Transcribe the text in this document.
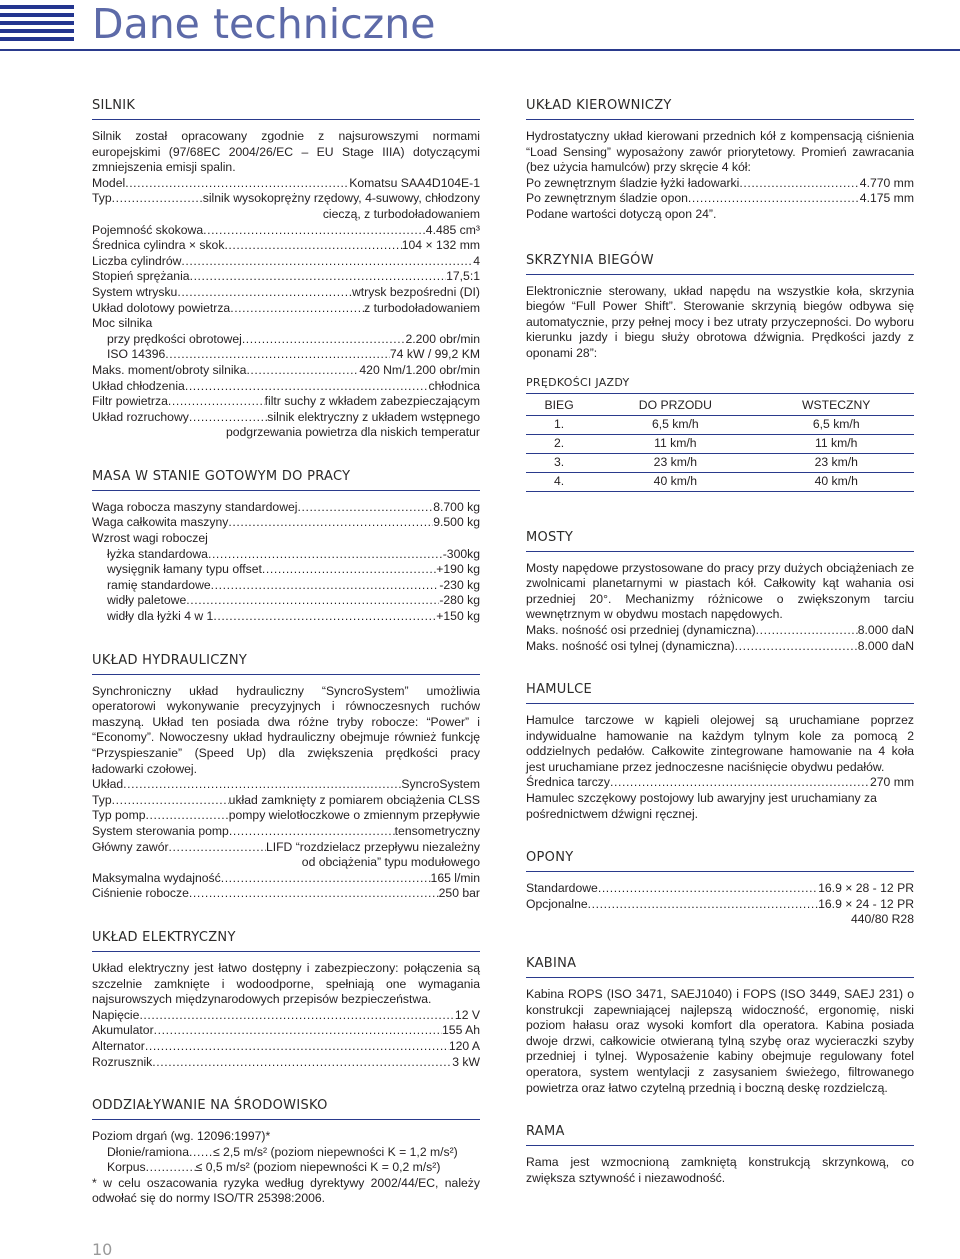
Dane techniczne
SILNIK
Silnik został opracowany zgodnie z najsurowszymi normami europejskimi (97/68EC 2004/26/EC – EU Stage IIIA) dotyczącymi zmniejszenia emisji spalin.
Model .....	Komatsu SAA4D104E-1
Typ .....	silnik wysokoprężny rzędowy, 4-suwowy, chłodzony
cieczą, z turbodoładowaniem
Pojemność skokowa .....	4.485 cm³
Średnica cylindra × skok .....	104 × 132 mm
Liczba cylindrów .....	4
Stopień sprężania .....	17,5:1
System wtrysku .....	wtrysk bezpośredni (DI)
Układ dolotowy powietrza .....	z turbodoładowaniem
Moc silnika
przy prędkości obrotowej .....	2.200 obr/min
ISO 14396 .....	74 kW / 99,2 KM
Maks. moment/obroty silnika .....	420 Nm/1.200 obr/min
Układ chłodzenia .....	chłodnica
Filtr powietrza .....	filtr suchy z wkładem zabezpieczającym
Układ rozruchowy .....	silnik elektryczny z układem wstępnego
podgrzewania powietrza dla niskich temperatur
MASA W STANIE GOTOWYM DO PRACY
Waga robocza maszyny standardowej .....	8.700 kg
Waga całkowita maszyny .....	9.500 kg
Wzrost wagi roboczej
łyżka standardowa .....	-300kg
wysięgnik łamany typu offset .....	+190 kg
ramię standardowe .....	-230 kg
widły paletowe .....	-280 kg
widły dla łyżki 4 w 1 .....	+150 kg
UKŁAD HYDRAULICZNY
Synchroniczny układ hydrauliczny “SyncroSystem” umożliwia operatorowi wykonywanie precyzyjnych i równoczesnych ruchów maszyną. Układ ten posiada dwa różne tryby robocze: “Power” i “Economy”. Nowoczesny układ hydrauliczny obejmuje również funkcję “Przyspieszanie” (Speed Up) dla zwiększenia prędkości pracy ładowarki czołowej.
Układ .....	SyncroSystem
Typ .....	układ zamknięty z pomiarem obciążenia CLSS
Typ pomp .....	pompy wielotłoczkowe o zmiennym przepływie
System sterowania pomp .....	tensometryczny
Główny zawór .....	LIFD “rozdzielacz przepływu niezależny
od obciążenia” typu modułowego
Maksymalna wydajność .....	165 l/min
Ciśnienie robocze .....	250 bar
UKŁAD ELEKTRYCZNY
Układ elektryczny jest łatwo dostępny i zabezpieczony: połączenia są szczelnie zamknięte i wodoodporne, spełniają one wymagania najsurowszych międzynarodowych przepisów bezpieczeństwa.
Napięcie .....	12 V
Akumulator .....	155 Ah
Alternator .....	120 A
Rozrusznik .....	3 kW
ODDZIAŁYWANIE NA ŚRODOWISKO
Poziom drgań (wg. 12096:1997)*
Dłonie/ramiona ..... ≤ 2,5 m/s² (poziom niepewności K = 1,2 m/s²)
Korpus .....	≤ 0,5 m/s² (poziom niepewności K = 0,2 m/s²)
* w celu oszacowania ryzyka według dyrektywy 2002/44/EC, należy odwołać się do normy ISO/TR 25398:2006.
UKŁAD KIEROWNICZY
Hydrostatyczny układ kierowani przednich kół z kompensacją ciśnienia “Load Sensing” wyposażony zawór priorytetowy. Promień zawracania (bez użycia hamulców) przy skręcie 4 kół:
Po zewnętrznym śladzie łyżki ładowarki .....	4.770 mm
Po zewnętrznym śladzie opon .....	4.175 mm
Podane wartości dotyczą opon 24”.
SKRZYNIA BIEGÓW
Elektronicznie sterowany, układ napędu na wszystkie koła, skrzynia biegów “Full Power Shift”. Sterowanie skrzynią biegów odbywa się automatycznie, przy pełnej mocy i bez utraty przyczepności. Do wyboru kierunku jazdy i biegu służy obrotowa dźwignia. Prędkości jazdy z oponami 28”:
PRĘDKOŚCI JAZDY
BIEG	DO PRZODU	WSTECZNY
1.	6,5 km/h	6,5 km/h
2.	11 km/h	11 km/h
3.	23 km/h	23 km/h
4.	40 km/h	40 km/h
MOSTY
Mosty napędowe przystosowane do pracy przy dużych obciążeniach ze zwolnicami planetarnymi w piastach kół. Całkowity kąt wahania osi przedniej 20°. Mechanizmy różnicowe o zwiększonym tarciu wewnętrznym w obydwu mostach napędowych.
Maks. nośność osi przedniej (dynamiczna) .....	8.000 daN
Maks. nośność osi tylnej (dynamiczna) .....	8.000 daN
HAMULCE
Hamulce tarczowe w kąpieli olejowej są uruchamiane poprzez indywidualne hamowanie na każdym tylnym kole za pomocą 2 oddzielnych pedałów. Całkowite zintegrowane hamowanie na 4 koła jest uruchamiane przez jednoczesne naciśnięcie obydwu pedałów.
Średnica tarczy .....	270 mm
Hamulec szczękowy postojowy lub awaryjny jest uruchamiany za pośrednictwem dźwigni ręcznej.
OPONY
Standardowe .....	16.9 × 28 - 12 PR
Opcjonalne .....	16.9 × 24 - 12 PR
440/80 R28
KABINA
Kabina ROPS (ISO 3471, SAEJ1040) i FOPS (ISO 3449, SAEJ 231) o konstrukcji zapewniającej najlepszą widoczność, ergonomię, niski poziom hałasu oraz wysoki komfort dla operatora. Kabina posiada dwoje drzwi, całkowicie otwieraną tylną szybę oraz wycieraczki szyby przedniej i tylnej. Wyposażenie kabiny obejmuje regulowany fotel operatora, system wentylacji z zasysaniem świeżego, filtrowanego powietrza oraz łatwo czytelną przednią i boczną deskę rozdzielczą.
RAMA
Rama jest wzmocnioną zamkniętą konstrukcją skrzynkową, co zwiększa sztywność i niezawodność.
10
